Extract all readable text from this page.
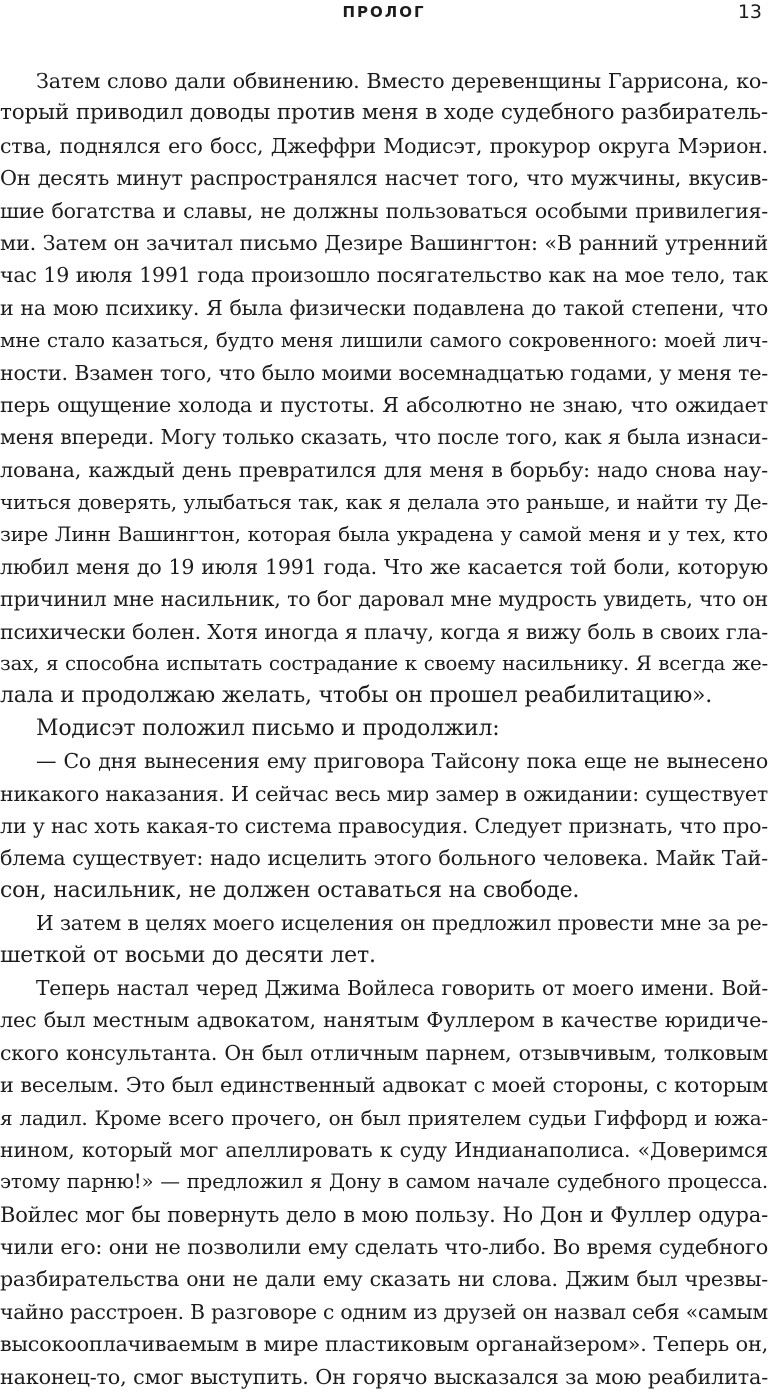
ПРОЛОГ	13
Затем слово дали обвинению. Вместо деревенщины Гаррисона, ко-
торый приводил доводы против меня в ходе судебного разбиратель-
ства, поднялся его босс, Джеффри Модисэт, прокурор округа Мэрион.
Он десять минут распространялся насчет того, что мужчины, вкусив-
шие богатства и славы, не должны пользоваться особыми привилегия-
ми. Затем он зачитал письмо Дезире Вашингтон: «В ранний утренний
час 19 июля 1991 года произошло посягательство как на мое тело, так
и на мою психику. Я была физически подавлена до такой степени, что
мне стало казаться, будто меня лишили самого сокровенного: моей лич-
ности. Взамен того, что было моими восемнадцатью годами, у меня те-
перь ощущение холода и пустоты. Я абсолютно не знаю, что ожидает
меня впереди. Могу только сказать, что после того, как я была изнаси-
лована, каждый день превратился для меня в борьбу: надо снова нау-
читься доверять, улыбаться так, как я делала это раньше, и найти ту Де-
зире Линн Вашингтон, которая была украдена у самой меня и у тех, кто
любил меня до 19 июля 1991 года. Что же касается той боли, которую
причинил мне насильник, то бог даровал мне мудрость увидеть, что он
психически болен. Хотя иногда я плачу, когда я вижу боль в своих гла-
зах, я способна испытать сострадание к своему насильнику. Я всегда же-
лала и продолжаю желать, чтобы он прошел реабилитацию».
Модисэт положил письмо и продолжил:
— Со дня вынесения ему приговора Тайсону пока еще не вынесено
никакого наказания. И сейчас весь мир замер в ожидании: существует
ли у нас хоть какая-то система правосудия. Следует признать, что про-
блема существует: надо исцелить этого больного человека. Майк Тай-
сон, насильник, не должен оставаться на свободе.
И затем в целях моего исцеления он предложил провести мне за ре-
шеткой от восьми до десяти лет.
Теперь настал черед Джима Войлеса говорить от моего имени. Вой-
лес был местным адвокатом, нанятым Фуллером в качестве юридиче-
ского консультанта. Он был отличным парнем, отзывчивым, толковым
и веселым. Это был единственный адвокат с моей стороны, с которым
я ладил. Кроме всего прочего, он был приятелем судьи Гиффорд и южа-
нином, который мог апеллировать к суду Индианаполиса. «Доверимся
этому парню!» — предложил я Дону в самом начале судебного процесса.
Войлес мог бы повернуть дело в мою пользу. Но Дон и Фуллер одура-
чили его: они не позволили ему сделать что-либо. Во время судебного
разбирательства они не дали ему сказать ни слова. Джим был чрезвы-
чайно расстроен. В разговоре с одним из друзей он назвал себя «самым
высокооплачиваемым в мире пластиковым органайзером». Теперь он,
наконец-то, смог выступить. Он горячо высказался за мою реабилита-
